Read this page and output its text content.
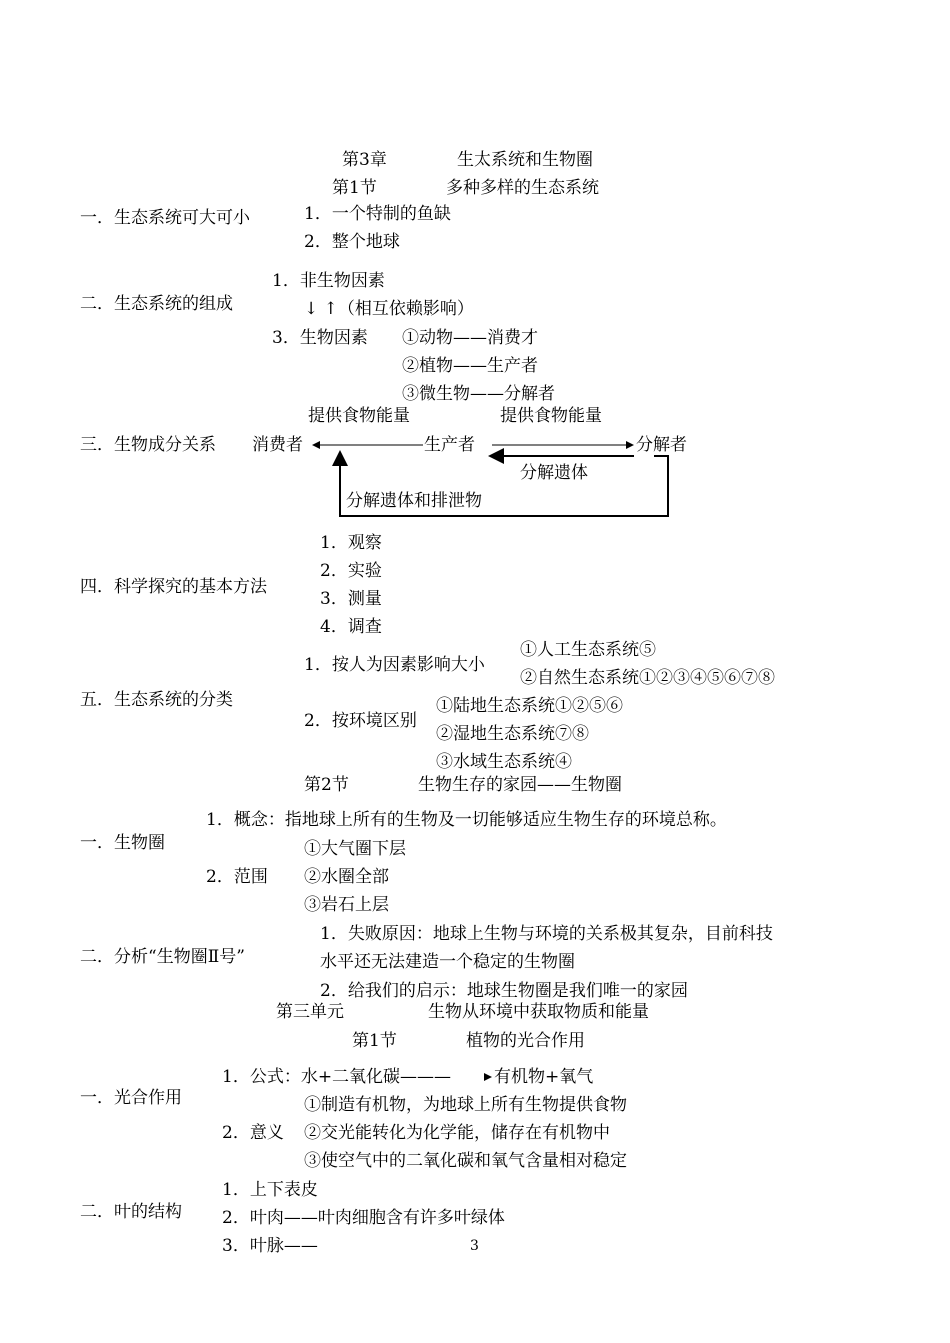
第3章	生太系统和生物圈
第1节	多种多样的生态系统
一．生态系统可大可小	1．一个特制的鱼缺
2．整个地球
二．生态系统的组成
1．非生物因素
↓ ↑（相互依赖影响）
3．生物因素 ①动物——消费才
②植物——生产者
③微生物——分解者
提供食物能量	提供食物能量
三．生物成分关系 消费者	生产者	分解者
分解遗体
分解遗体和排泄物
四．科学探究的基本方法
1．观察
2．实验
3．测量
4．调查
五．生态系统的分类
1．按人为因素影响大小
①人工生态系统⑤
②自然生态系统①②③④⑤⑥⑦⑧
2．按环境区别
①陆地生态系统①②⑤⑥
②湿地生态系统⑦⑧
③水域生态系统④
第2节	生物生存的家园——生物圈
一．生物圈
1．概念：指地球上所有的生物及一切能够适应生物生存的环境总称。
2．范围
①大气圈下层
②水圈全部
③岩石上层
二．分析“生物圈Ⅱ号”
1．失败原因：地球上生物与环境的关系极其复杂，目前科技
水平还无法建造一个稳定的生物圈
2．给我们的启示：地球生物圈是我们唯一的家园
第三单元	生物从环境中获取物质和能量
第1节	植物的光合作用
一．光合作用
1．公式：水+二氧化碳———	有机物+氧气
2．意义
①制造有机物，为地球上所有生物提供食物
②交光能转化为化学能，储存在有机物中
③使空气中的二氧化碳和氧气含量相对稳定
二．叶的结构
1．上下表皮
2．叶肉——叶肉细胞含有许多叶绿体
3．叶脉——	3
